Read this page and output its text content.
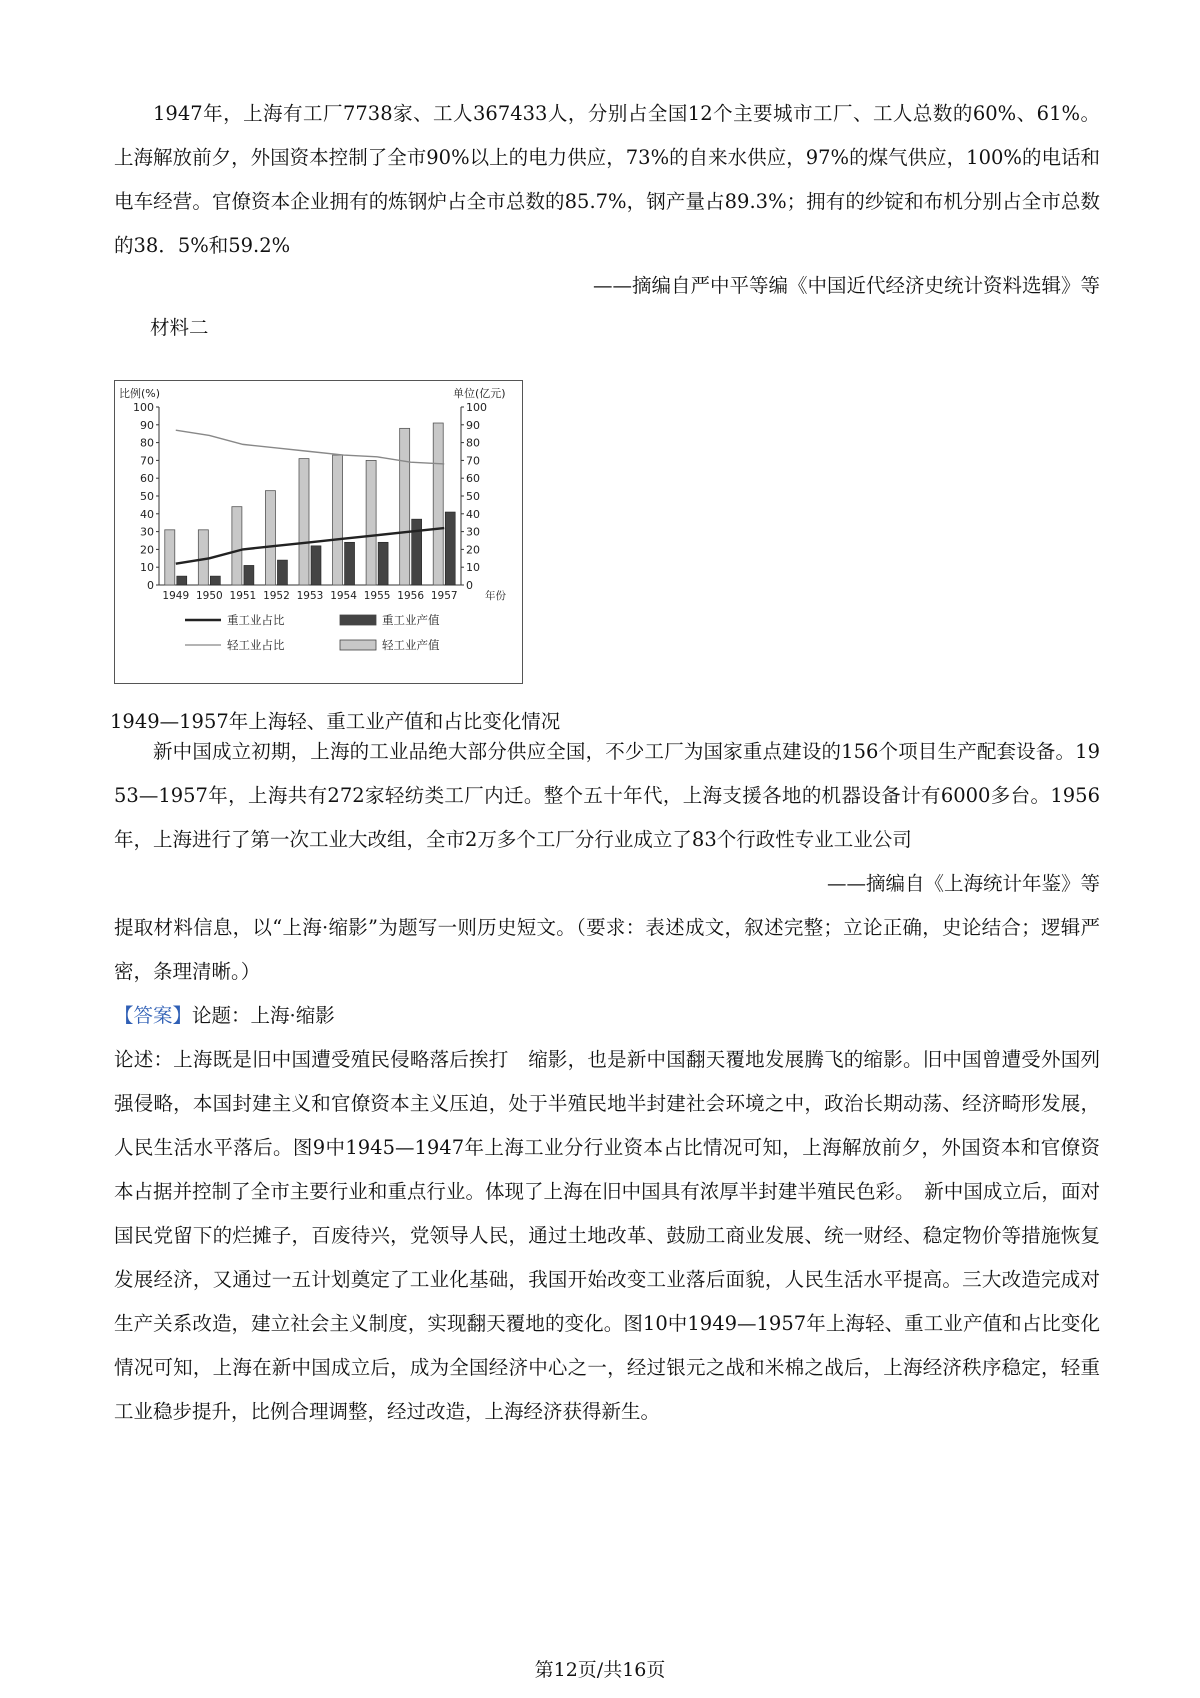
1947年，上海有工厂7738家、工人367433人，分别占全国12个主要城市工厂、工人总数的60%、61%。上海解放前夕，外国资本控制了全市90%以上的电力供应，73%的自来水供应，97%的煤气供应，100%的电话和电车经营。官僚资本企业拥有的炼钢炉占全市总数的85.7%，钢产量占89.3%；拥有的纱锭和布机分别占全市总数的38．5%和59.2%

——摘编自严中平等编《中国近代经济史统计资料选辑》等
材料二
比例(%)	单位(亿元)
年份
0	0
10	10
20	20
30	30
40	40
50	50
60	60
70	70
80	80
90	90
100	100
1949 1950 1951 1952 1953 1954 1955 1956 1957
重工业占比	重工业产值
轻工业占比	轻工业产值
1949—1957年上海轻、重工业产值和占比变化情况

新中国成立初期，上海的工业品绝大部分供应全国，不少工厂为国家重点建设的156个项目生产配套设备。1953—1957年，上海共有272家轻纺类工厂内迁。整个五十年代，上海支援各地的机器设备计有6000多台。1956年，上海进行了第一次工业大改组，全市2万多个工厂分行业成立了83个行政性专业工业公司

——摘编自《上海统计年鉴》等

提取材料信息，以“上海·缩影”为题写一则历史短文。（要求：表述成文，叙述完整；立论正确，史论结合；逻辑严密，条理清晰。）

【答案】论题：上海·缩影

论述：上海既是旧中国遭受殖民侵略落后挨打　缩影，也是新中国翻天覆地发展腾飞的缩影。旧中国曾遭受外国列强侵略，本国封建主义和官僚资本主义压迫，处于半殖民地半封建社会环境之中，政治长期动荡、经济畸形发展，人民生活水平落后。图9中1945—1947年上海工业分行业资本占比情况可知，上海解放前夕，外国资本和官僚资本占据并控制了全市主要行业和重点行业。体现了上海在旧中国具有浓厚半封建半殖民色彩。　新中国成立后，面对国民党留下的烂摊子，百废待兴，党领导人民，通过土地改革、鼓励工商业发展、统一财经、稳定物价等措施恢复发展经济，又通过一五计划奠定了工业化基础，我国开始改变工业落后面貌，人民生活水平提高。三大改造完成对生产关系改造，建立社会主义制度，实现翻天覆地的变化。图10中1949—1957年上海轻、重工业产值和占比变化情况可知，上海在新中国成立后，成为全国经济中心之一，经过银元之战和米棉之战后，上海经济秩序稳定，轻重工业稳步提升，比例合理调整，经过改造，上海经济获得新生。

第12页/共16页
